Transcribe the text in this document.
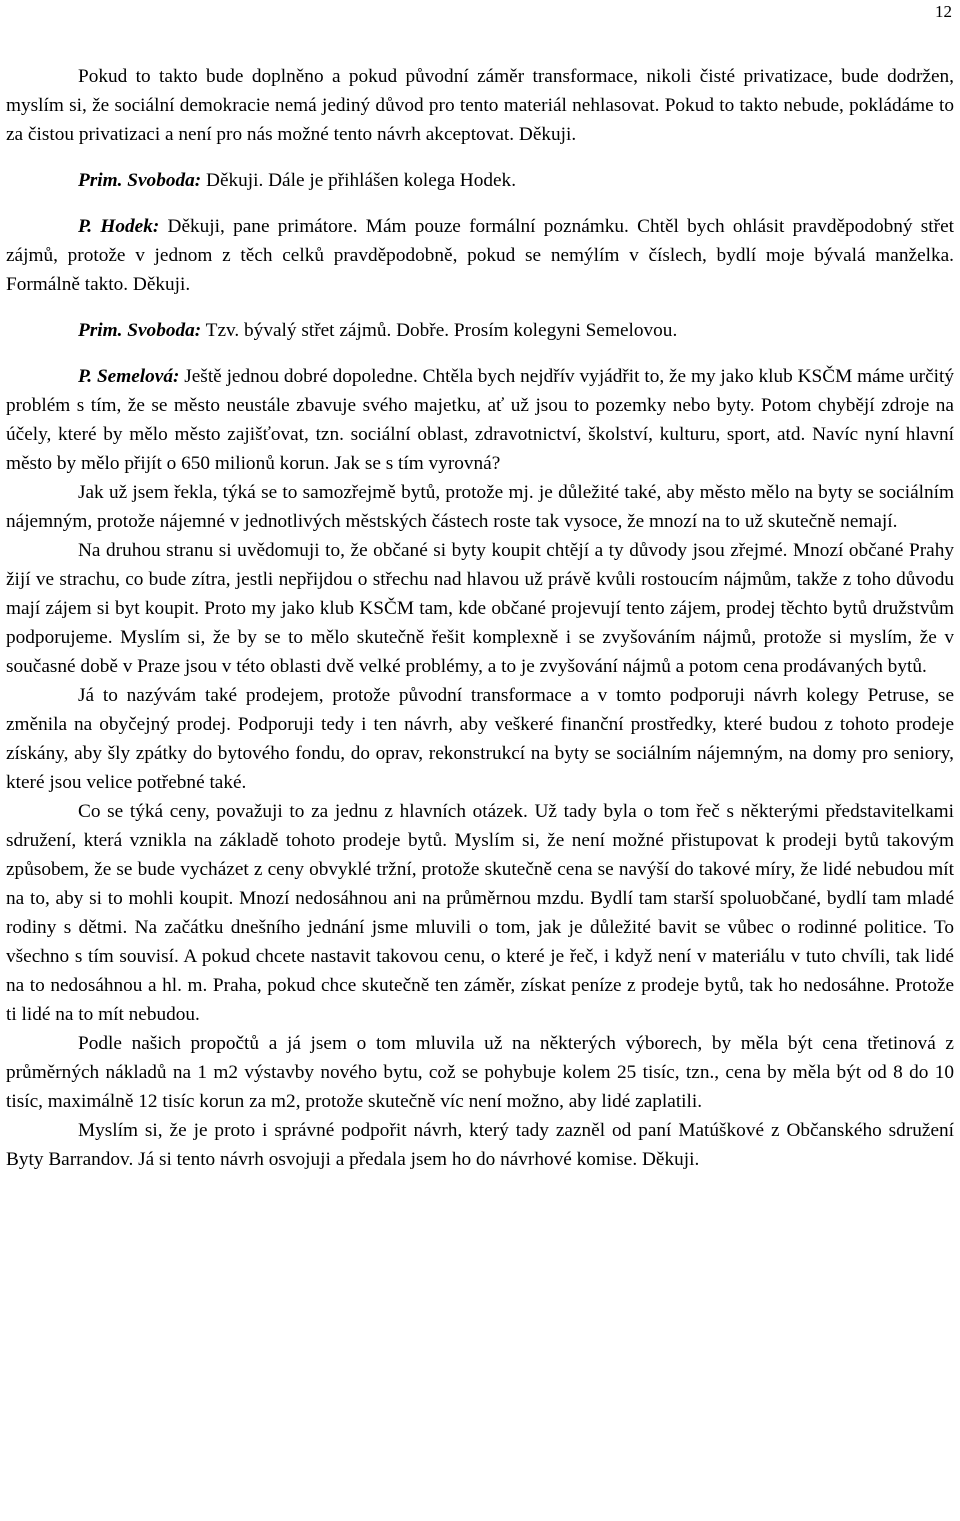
12

Pokud to takto bude doplněno a pokud původní záměr transformace, nikoli čisté privatizace, bude dodržen, myslím si, že sociální demokracie nemá jediný důvod pro tento materiál nehlasovat. Pokud to takto nebude, pokládáme to za čistou privatizaci a není pro nás možné tento návrh akceptovat. Děkuji.

Prim. Svoboda: Děkuji. Dále je přihlášen kolega Hodek.

P. Hodek: Děkuji, pane primátore. Mám pouze formální poznámku. Chtěl bych ohlásit pravděpodobný střet zájmů, protože v jednom z těch celků pravděpodobně, pokud se nemýlím v číslech, bydlí moje bývalá manželka. Formálně takto. Děkuji.

Prim. Svoboda: Tzv. bývalý střet zájmů. Dobře. Prosím kolegyni Semelovou.

P. Semelová: Ještě jednou dobré dopoledne. Chtěla bych nejdřív vyjádřit to, že my jako klub KSČM máme určitý problém s tím, že se město neustále zbavuje svého majetku, ať už jsou to pozemky nebo byty. Potom chybějí zdroje na účely, které by mělo město zajišťovat, tzn. sociální oblast, zdravotnictví, školství, kulturu, sport, atd. Navíc nyní hlavní město by mělo přijít o 650 milionů korun. Jak se s tím vyrovná?

Jak už jsem řekla, týká se to samozřejmě bytů, protože mj. je důležité také, aby město mělo na byty se sociálním nájemným, protože nájemné v jednotlivých městských částech roste tak vysoce, že mnozí na to už skutečně nemají.

Na druhou stranu si uvědomuji to, že občané si byty koupit chtějí a ty důvody jsou zřejmé. Mnozí občané Prahy žijí ve strachu, co bude zítra, jestli nepřijdou o střechu nad hlavou už právě kvůli rostoucím nájmům, takže z toho důvodu mají zájem si byt koupit. Proto my jako klub KSČM tam, kde občané projevují tento zájem, prodej těchto bytů družstvům podporujeme. Myslím si, že by se to mělo skutečně řešit komplexně i se zvyšováním nájmů, protože si myslím, že v současné době v Praze jsou v této oblasti dvě velké problémy, a to je zvyšování nájmů a potom cena prodávaných bytů.

Já to nazývám také prodejem, protože původní transformace a v tomto podporuji návrh kolegy Petruse, se změnila na obyčejný prodej. Podporuji tedy i ten návrh, aby veškeré finanční prostředky, které budou z tohoto prodeje získány, aby šly zpátky do bytového fondu, do oprav, rekonstrukcí na byty se sociálním nájemným, na domy pro seniory, které jsou velice potřebné také.

Co se týká ceny, považuji to za jednu z hlavních otázek. Už tady byla o tom řeč s některými představitelkami sdružení, která vznikla na základě tohoto prodeje bytů. Myslím si, že není možné přistupovat k prodeji bytů takovým způsobem, že se bude vycházet z ceny obvyklé tržní, protože skutečně cena se navýší do takové míry, že lidé nebudou mít na to, aby si to mohli koupit. Mnozí nedosáhnou ani na průměrnou mzdu. Bydlí tam starší spoluobčané, bydlí tam mladé rodiny s dětmi. Na začátku dnešního jednání jsme mluvili o tom, jak je důležité bavit se vůbec o rodinné politice. To všechno s tím souvisí. A pokud chcete nastavit takovou cenu, o které je řeč, i když není v materiálu v tuto chvíli, tak lidé na to nedosáhnou a hl. m. Praha, pokud chce skutečně ten záměr, získat peníze z prodeje bytů, tak ho nedosáhne. Protože ti lidé na to mít nebudou.

Podle našich propočtů a já jsem o tom mluvila už na některých výborech, by měla být cena třetinová z průměrných nákladů na 1 m2 výstavby nového bytu, což se pohybuje kolem 25 tisíc, tzn., cena by měla být od 8 do 10 tisíc, maximálně 12 tisíc korun za m2, protože skutečně víc není možno, aby lidé zaplatili.

Myslím si, že je proto i správné podpořit návrh, který tady zazněl od paní Matúškové z Občanského sdružení Byty Barrandov. Já si tento návrh osvojuji a předala jsem ho do návrhové komise. Děkuji.
